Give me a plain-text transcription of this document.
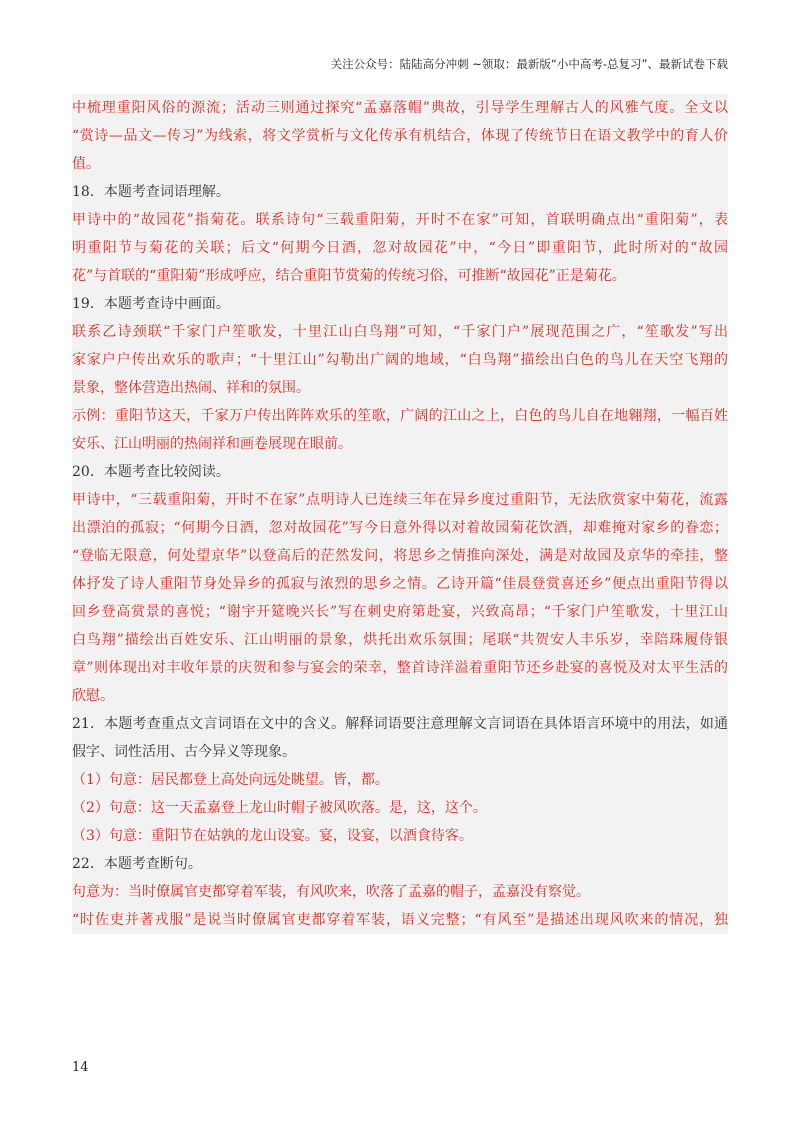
关注公众号：陆陆高分冲刺 ~领取：最新版“小中高考-总复习”、最新试卷下载
中梳理重阳风俗的源流；活动三则通过探究“孟嘉落帽”典故，引导学生理解古人的风雅气度。全文以
“赏诗—品文—传习”为线索，将文学赏析与文化传承有机结合，体现了传统节日在语文教学中的育人价
值。
18．本题考查词语理解。
甲诗中的“故园花”指菊花。联系诗句“三载重阳菊，开时不在家”可知，首联明确点出“重阳菊”，表
明重阳节与菊花的关联；后文“何期今日酒，忽对故园花”中，“今日”即重阳节，此时所对的“故园
花”与首联的“重阳菊”形成呼应，结合重阳节赏菊的传统习俗，可推断“故园花”正是菊花。
19．本题考查诗中画面。
联系乙诗颈联“千家门户笙歌发，十里江山白鸟翔”可知，“千家门户”展现范围之广，“笙歌发”写出
家家户户传出欢乐的歌声；“十里江山”勾勒出广阔的地域，“白鸟翔”描绘出白色的鸟儿在天空飞翔的
景象，整体营造出热闹、祥和的氛围。
示例：重阳节这天，千家万户传出阵阵欢乐的笙歌，广阔的江山之上，白色的鸟儿自在地翱翔，一幅百姓
安乐、江山明丽的热闹祥和画卷展现在眼前。
20．本题考查比较阅读。
甲诗中，“三载重阳菊，开时不在家”点明诗人已连续三年在异乡度过重阳节，无法欣赏家中菊花，流露
出漂泊的孤寂；“何期今日酒，忽对故园花”写今日意外得以对着故园菊花饮酒，却难掩对家乡的眷恋；
“登临无限意，何处望京华”以登高后的茫然发问，将思乡之情推向深处，满是对故园及京华的牵挂，整
体抒发了诗人重阳节身处异乡的孤寂与浓烈的思乡之情。乙诗开篇“佳晨登赏喜还乡”便点出重阳节得以
回乡登高赏景的喜悦；“谢宇开筵晚兴长”写在刺史府第赴宴，兴致高昂；“千家门户笙歌发，十里江山
白鸟翔”描绘出百姓安乐、江山明丽的景象，烘托出欢乐氛围；尾联“共贺安人丰乐岁，幸陪珠履侍银
章”则体现出对丰收年景的庆贺和参与宴会的荣幸，整首诗洋溢着重阳节还乡赴宴的喜悦及对太平生活的
欣慰。
21．本题考查重点文言词语在文中的含义。解释词语要注意理解文言词语在具体语言环境中的用法，如通
假字、词性活用、古今异义等现象。
（1）句意：居民都登上高处向远处眺望。皆，都。
（2）句意：这一天孟嘉登上龙山时帽子被风吹落。是，这，这个。
（3）句意：重阳节在姑孰的龙山设宴。宴，设宴，以酒食待客。
22．本题考查断句。
句意为：当时僚属官吏都穿着军装，有风吹来，吹落了孟嘉的帽子，孟嘉没有察觉。
“时佐吏并著戎服”是说当时僚属官吏都穿着军装，语义完整；“有风至”是描述出现风吹来的情况，独
14
